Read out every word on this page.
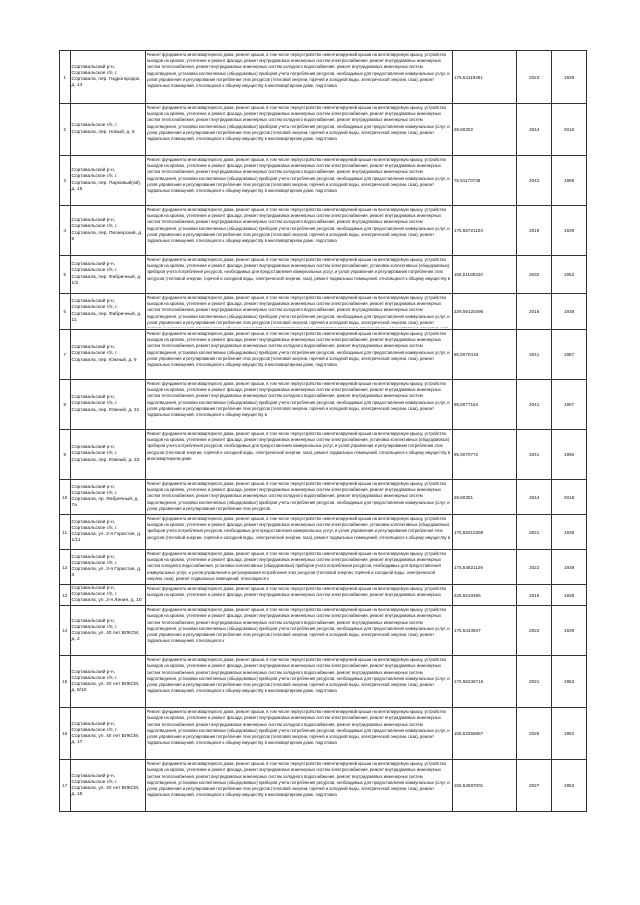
1	Сортавальский р-н, Сортавальское г/п, г. Сортавала, пер. Гидрогородок, д. 14	Ремонт фундамента многоквартирного дома, ремонт крыши, в том числе переустройство невентилируемой крыши на вентилируемую крышу, устройство выходов на кровлю, утепление и ремонт фасада, ремонт внутридомовых инженерных систем электроснабжения, ремонт внутридомовых инженерных систем теплоснабжения, ремонт внутридомовых инженерных систем холодного водоснабжения, ремонт внутридомовых инженерных систем водоотведения, установка коллективных (общедомовых) приборов учета потребления ресурсов, необходимых для предоставления коммунальных услуг, и узлов управления и регулирования потребления этих ресурсов (тепловой энергии, горячей и холодной воды, электрической энергии, газа), ремонт подвальных помещений, относящихся к общему имуществу в многоквартирном доме, подготовка	175,54118491	2023	1939
2	Сортавальское г/п, г. Сортавала, пер. Новый, д. 6	Ремонт фундамента многоквартирного дома, ремонт крыши, в том числе переустройство невентилируемой крыши на вентилируемую крышу, устройство выходов на кровлю, утепление и ремонт фасада, ремонт внутридомовых инженерных систем электроснабжения, ремонт внутридомовых инженерных систем теплоснабжения, ремонт внутридомовых инженерных систем холодного водоснабжения, ремонт внутридомовых инженерных систем водоотведения, установка коллективных (общедомовых) приборов учета потребления ресурсов, необходимых для предоставления коммунальных услуг, и узлов управления и регулирования потребления этих ресурсов (тепловой энергии, горячей и холодной воды, электрической энергии, газа), ремонт подвальных помещений, относящихся к общему имуществу в многоквартирном доме, подготовка	29,60302	2044	2016
3	Сортавальский р-н, Сортавальское г/п, г. Сортавала, пер. Парковый(ой), д. 15	Ремонт фундамента многоквартирного дома, ремонт крыши, в том числе переустройство невентилируемой крыши на вентилируемую крышу, устройство выходов на кровлю, утепление и ремонт фасада, ремонт внутридомовых инженерных систем электроснабжения, ремонт внутридомовых инженерных систем теплоснабжения, ремонт внутридомовых инженерных систем холодного водоснабжения, ремонт внутридомовых инженерных систем водоотведения, установка коллективных (общедомовых) приборов учета потребления ресурсов, необходимых для предоставления коммунальных услуг, и узлов управления и регулирования потребления этих ресурсов (тепловой энергии, горячей и холодной воды, электрической энергии, газа), ремонт подвальных помещений, относящихся к общему имуществу в многоквартирном доме, подготовка	75,51170736	2042	1989
4	Сортавальский р-н, Сортавальское г/п, г. Сортавала, пер. Пионерский, д. 5	Ремонт фундамента многоквартирного дома, ремонт крыши, в том числе переустройство невентилируемой крыши на вентилируемую крышу, устройство выходов на кровлю, утепление и ремонт фасада, ремонт внутридомовых инженерных систем электроснабжения, ремонт внутридомовых инженерных систем теплоснабжения, ремонт внутридомовых инженерных систем холодного водоснабжения, ремонт внутридомовых инженерных систем водоотведения, установка коллективных (общедомовых) приборов учета потребления ресурсов, необходимых для предоставления коммунальных услуг, и узлов управления и регулирования потребления этих ресурсов (тепловой энергии, горячей и холодной воды, электрической энергии, газа), ремонт подвальных помещений, относящихся к общему имуществу в многоквартирном доме, подготовка	175,55721103	2019	1939
5	Сортавальский р-н, Сортавальское г/п, г. Сортавала, пер. Фабричный, д. 1/2	Ремонт фундамента многоквартирного дома, ремонт крыши, в том числе переустройство невентилируемой крыши на вентилируемую крышу, устройство выходов на кровлю, утепление и ремонт фасада, ремонт внутридомовых инженерных систем электроснабжения, установка коллективных (общедомовых) приборов учета потребления ресурсов, необходимых для предоставления коммунальных услуг, и узлов управления и регулирования потребления этих ресурсов (тепловой энергии, горячей и холодной воды, электрической энергии, газа), ремонт подвальных помещений, относящихся к общему имуществу в	156,51198320	2032	1952
6	Сортавальский р-н, Сортавальское г/п, г. Сортавала, пер. Фабричный, д. 11	Ремонт фундамента многоквартирного дома, ремонт крыши, в том числе переустройство невентилируемой крыши на вентилируемую крышу, устройство выходов на кровлю, утепление и ремонт фасада, ремонт внутридомовых инженерных систем электроснабжения, ремонт внутридомовых инженерных систем теплоснабжения, ремонт внутридомовых инженерных систем холодного водоснабжения, ремонт внутридомовых инженерных систем водоотведения, установка коллективных (общедомовых) приборов учета потребления ресурсов, необходимых для предоставления коммунальных услуг, и узлов управления и регулирования потребления этих ресурсов (тепловой энергии, горячей и холодной воды, электрической энергии, газа), ремонт	229,59120496	2016	1938
7	Сортавальский р-н, Сортавальское г/п, г. Сортавала, пер. Южный, д. 9	Ремонт фундамента многоквартирного дома, ремонт крыши, в том числе переустройство невентилируемой крыши на вентилируемую крышу, устройство выходов на кровлю, утепление и ремонт фасада, ремонт внутридомовых инженерных систем электроснабжения, ремонт внутридомовых инженерных систем теплоснабжения, ремонт внутридомовых инженерных систем холодного водоснабжения, ремонт внутридомовых инженерных систем водоотведения, установка коллективных (общедомовых) приборов учета потребления ресурсов, необходимых для предоставления коммунальных услуг, и узлов управления и регулирования потребления этих ресурсов (тепловой энергии, горячей и холодной воды, электрической энергии, газа), ремонт подвальных помещений, относящихся к общему имуществу в многоквартирном доме, подготовка	95,5070418	2041	1987
8	Сортавальский р-н, Сортавальское г/п, г. Сортавала, пер. Южный, д. 31	Ремонт фундамента многоквартирного дома, ремонт крыши, в том числе переустройство невентилируемой крыши на вентилируемую крышу, устройство выходов на кровлю, утепление и ремонт фасада, ремонт внутридомовых инженерных систем электроснабжения, ремонт внутридомовых инженерных систем теплоснабжения, ремонт внутридомовых инженерных систем холодного водоснабжения, ремонт внутридомовых инженерных систем водоотведения, установка коллективных (общедомовых) приборов учета потребления ресурсов, необходимых для предоставления коммунальных услуг, и узлов управления и регулирования потребления этих ресурсов (тепловой энергии, горячей и холодной воды, электрической энергии, газа), ремонт подвальных помещений, относящихся к общему имуществу в	95,5077164	2041	1987
9	Сортавальский р-н, Сортавальское г/п, г. Сортавала, пер. Южный, д. 33	Ремонт фундамента многоквартирного дома, ремонт крыши, в том числе переустройство невентилируемой крыши на вентилируемую крышу, устройство выходов на кровлю, утепление и ремонт фасада, ремонт внутридомовых инженерных систем электроснабжения, установка коллективных (общедомовых) приборов учета потребления ресурсов, необходимых для предоставления коммунальных услуг, и узлов управления и регулирования потребления этих ресурсов (тепловой энергии, горячей и холодной воды, электрической энергии, газа), ремонт подвальных помещений, относящихся к общему имуществу в многоквартирном доме	95,5070772	2041	1990
10	Сортавальский р-н, Сортавальское г/п, г. Сортавала, пр. Фабричный, д. 7а	Ремонт фундамента многоквартирного дома, ремонт крыши, в том числе переустройство невентилируемой крыши на вентилируемую крышу, устройство выходов на кровлю, утепление и ремонт фасада, ремонт внутридомовых инженерных систем электроснабжения, ремонт внутридомовых инженерных систем теплоснабжения, ремонт внутридомовых инженерных систем холодного водоснабжения, ремонт внутридомовых инженерных систем водоотведения, установка коллективных (общедомовых) приборов учета потребления ресурсов, необходимых для предоставления коммунальных услуг, и узлов управления и регулирования потребления этих ресурсов	29,60301	2044	2018
11	Сортавальский р-н, Сортавальское г/п, г. Сортавала, ул. 2-я Гористая, д. 1/11	Ремонт фундамента многоквартирного дома, ремонт крыши, в том числе переустройство невентилируемой крыши на вентилируемую крышу, устройство выходов на кровлю, утепление и ремонт фасада, ремонт внутридомовых инженерных систем электроснабжения, установка коллективных (общедомовых) приборов учета потребления ресурсов, необходимых для предоставления коммунальных услуг, и узлов управления и регулирования потребления этих ресурсов (тепловой энергии, горячей и холодной воды, электрической энергии, газа), ремонт подвальных помещений, относящихся к общему имуществу в	175,55010369	2021	1938
12	Сортавальский р-н, Сортавальское г/п, г. Сортавала, ул. 2-я Гористая, д. 3	Ремонт фундамента многоквартирного дома, ремонт крыши, в том числе переустройство невентилируемой крыши на вентилируемую крышу, устройство выходов на кровлю, утепление и ремонт фасада, ремонт внутридомовых инженерных систем электроснабжения, ремонт внутридомовых инженерных систем холодного водоснабжения, установка коллективных (общедомовых) приборов учета потребления ресурсов, необходимых для предоставления коммунальных услуг, и узлов управления и регулирования потребления этих ресурсов (тепловой энергии, горячей и холодной воды, электрической энергии, газа), ремонт подвальных помещений, относящихся к	175,54821129	2022	1939
13	Сортавальский р-н, Сортавальское г/п, г. Сортавала, ул. 2-я Линия, д. 10	Ремонт фундамента многоквартирного дома, ремонт крыши, в том числе переустройство невентилируемой крыши на вентилируемую крышу, устройство выходов на кровлю, утепление и ремонт фасада, ремонт внутридомовых инженерных систем электроснабжения, ремонт внутридомовых инженерных	225,5510495	2016	1938
14	Сортавальский р-н, Сортавальское г/п, г. Сортавала, ул. 40 лет ВЛКСМ, д. 2	Ремонт фундамента многоквартирного дома, ремонт крыши, в том числе переустройство невентилируемой крыши на вентилируемую крышу, устройство выходов на кровлю, утепление и ремонт фасада, ремонт внутридомовых инженерных систем электроснабжения, ремонт внутридомовых инженерных систем теплоснабжения, ремонт внутридомовых инженерных систем холодного водоснабжения, ремонт внутридомовых инженерных систем водоотведения, установка коллективных (общедомовых) приборов учета потребления ресурсов, необходимых для предоставления коммунальных услуг, и узлов управления и регулирования потребления этих ресурсов (тепловой энергии, горячей и холодной воды, электрической энергии, газа), ремонт подвальных помещений, относящихся к	175,5443947	2022	1939
15	Сортавальский р-н, Сортавальское г/п, г. Сортавала, ул. 40 лет ВЛКСМ, д. 8/10	Ремонт фундамента многоквартирного дома, ремонт крыши, в том числе переустройство невентилируемой крыши на вентилируемую крышу, устройство выходов на кровлю, утепление и ремонт фасада, ремонт внутридомовых инженерных систем электроснабжения, ремонт внутридомовых инженерных систем теплоснабжения, ремонт внутридомовых инженерных систем холодного водоснабжения, ремонт внутридомовых инженерных систем водоотведения, установка коллективных (общедомовых) приборов учета потребления ресурсов, необходимых для предоставления коммунальных услуг, и узлов управления и регулирования потребления этих ресурсов (тепловой энергии, горячей и холодной воды, электрической энергии, газа), ремонт подвальных помещений, относящихся к общему имуществу в многоквартирном доме, подготовка	175,55236716	2021	1962
16	Сортавальский р-н, Сортавальское г/п, г. Сортавала, ул. 40 лет ВЛКСМ, д. 17	Ремонт фундамента многоквартирного дома, ремонт крыши, в том числе переустройство невентилируемой крыши на вентилируемую крышу, устройство выходов на кровлю, утепление и ремонт фасада, ремонт внутридомовых инженерных систем электроснабжения, ремонт внутридомовых инженерных систем теплоснабжения, ремонт внутридомовых инженерных систем холодного водоснабжения, ремонт внутридомовых инженерных систем водоотведения, установка коллективных (общедомовых) приборов учета потребления ресурсов, необходимых для предоставления коммунальных услуг, и узлов управления и регулирования потребления этих ресурсов (тепловой энергии, горячей и холодной воды, электрической энергии, газа), ремонт подвальных помещений, относящихся к общему имуществу в многоквартирном доме, подготовка	155,53356967	2026	1962
17	Сортавальский р-н, Сортавальское г/п, г. Сортавала, ул. 40 лет ВЛКСМ, д. 18	Ремонт фундамента многоквартирного дома, ремонт крыши, в том числе переустройство невентилируемой крыши на вентилируемую крышу, устройство выходов на кровлю, утепление и ремонт фасада, ремонт внутридомовых инженерных систем электроснабжения, ремонт внутридомовых инженерных систем теплоснабжения, ремонт внутридомовых инженерных систем холодного водоснабжения, ремонт внутридомовых инженерных систем водоотведения, установка коллективных (общедомовых) приборов учета потребления ресурсов, необходимых для предоставления коммунальных услуг, и узлов управления и регулирования потребления этих ресурсов (тепловой энергии, горячей и холодной воды, электрической энергии, газа), ремонт подвальных помещений, относящихся к общему имуществу в многоквартирном доме, подготовка	155,52597001	2027	1953
